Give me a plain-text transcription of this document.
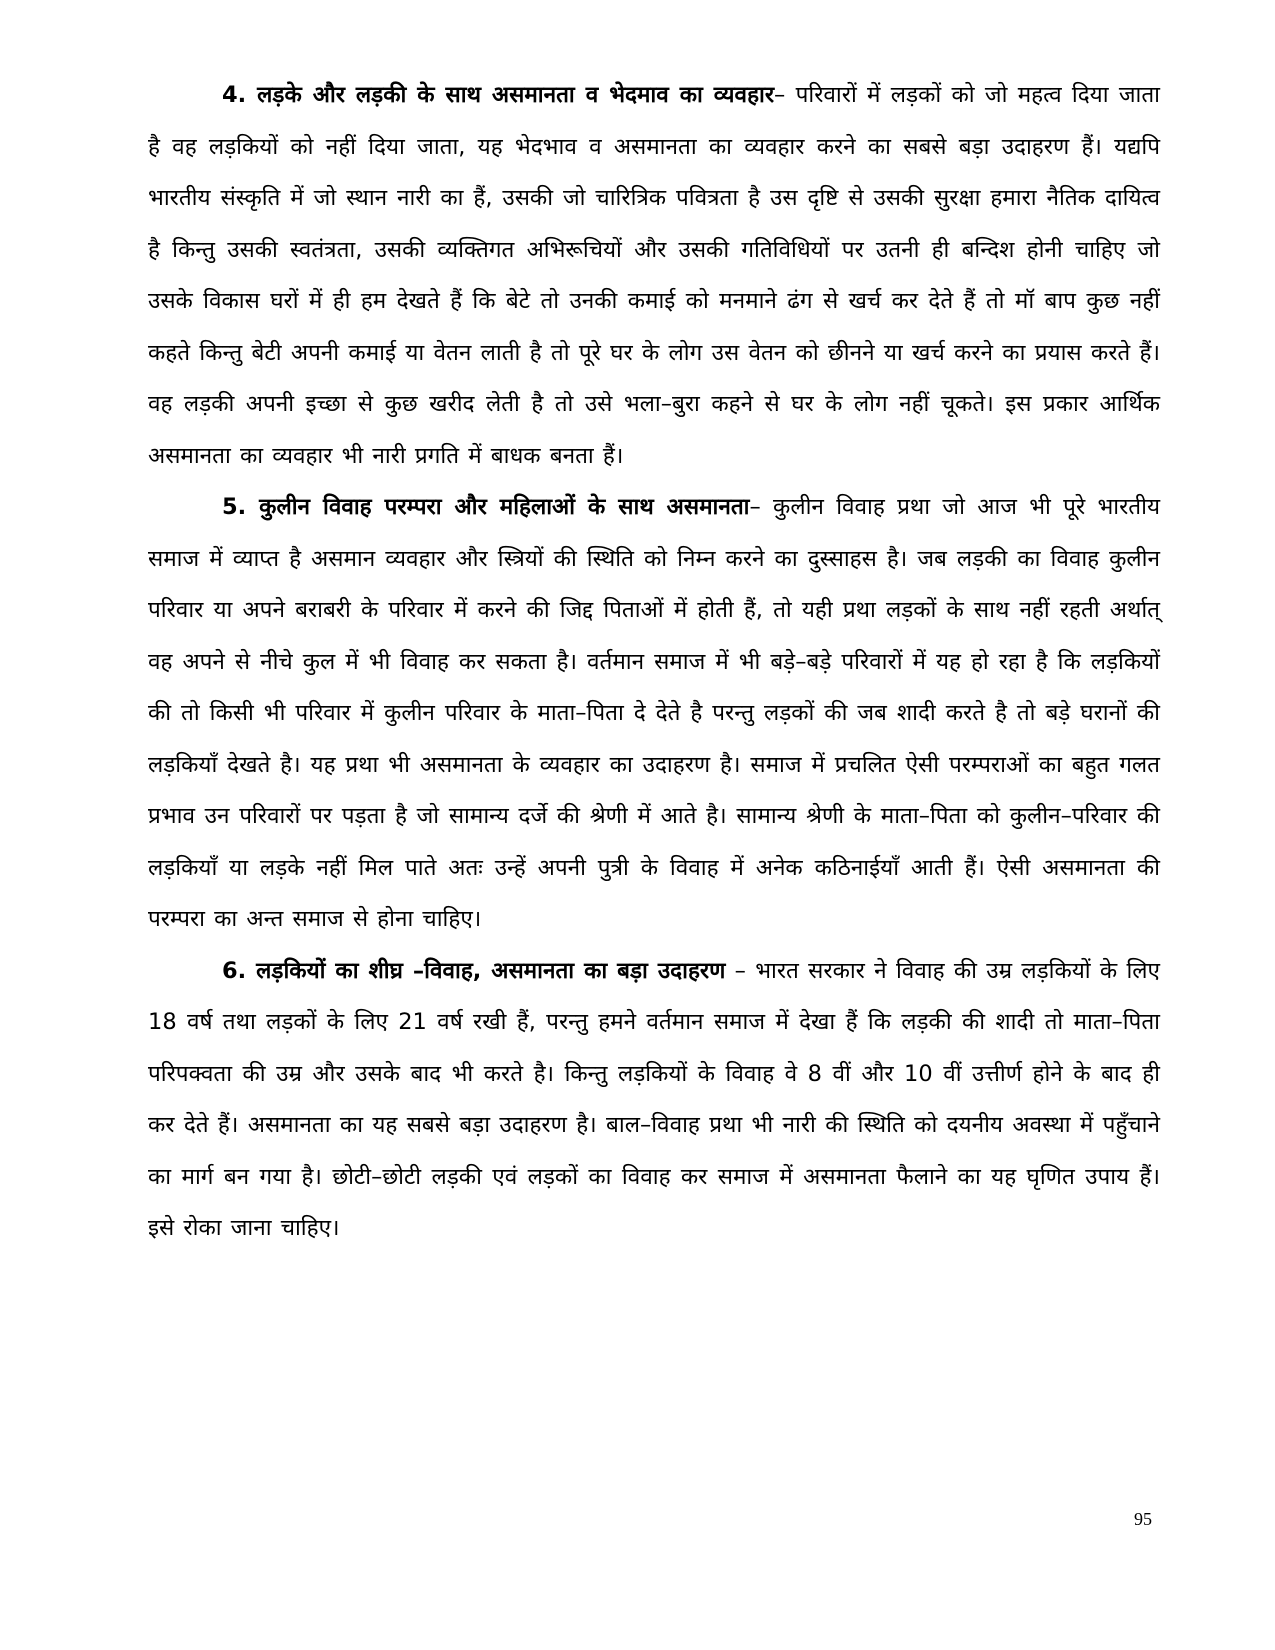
4. लड़के और लड़की के साथ असमानता व भेदमाव का व्यवहार– परिवारों में लड़कों को जो महत्व दिया जाता है वह लड़कियों को नहीं दिया जाता, यह भेदभाव व असमानता का व्यवहार करने का सबसे बड़ा उदाहरण हैं। यद्यपि भारतीय संस्कृति में जो स्थान नारी का हैं, उसकी जो चारित्रिक पवित्रता है उस दृष्टि से उसकी सुरक्षा हमारा नैतिक दायित्व है किन्तु उसकी स्वतंत्रता, उसकी व्यक्तिगत अभिरूचियों और उसकी गतिविधियों पर उतनी ही बन्दिश होनी चाहिए जो उसके विकास घरों में ही हम देखते हैं कि बेटे तो उनकी कमाई को मनमाने ढंग से खर्च कर देते हैं तो मॉ बाप कुछ नहीं कहते किन्तु बेटी अपनी कमाई या वेतन लाती है तो पूरे घर के लोग उस वेतन को छीनने या खर्च करने का प्रयास करते हैं। वह लड़की अपनी इच्छा से कुछ खरीद लेती है तो उसे भला–बुरा कहने से घर के लोग नहीं चूकते। इस प्रकार आर्थिक असमानता का व्यवहार भी नारी प्रगति में बाधक बनता हैं।

5. कुलीन विवाह परम्परा और महिलाओं के साथ असमानता– कुलीन विवाह प्रथा जो आज भी पूरे भारतीय समाज में व्याप्त है असमान व्यवहार और स्त्रियों की स्थिति को निम्न करने का दुस्साहस है। जब लड़की का विवाह कुलीन परिवार या अपने बराबरी के परिवार में करने की जिद्द पिताओं में होती हैं, तो यही प्रथा लड़कों के साथ नहीं रहती अर्थात् वह अपने से नीचे कुल में भी विवाह कर सकता है। वर्तमान समाज में भी बड़े–बड़े परिवारों में यह हो रहा है कि लड़कियों की तो किसी भी परिवार में कुलीन परिवार के माता–पिता दे देते है परन्तु लड़कों की जब शादी करते है तो बड़े घरानों की लड़कियाँ देखते है। यह प्रथा भी असमानता के व्यवहार का उदाहरण है। समाज में प्रचलित ऐसी परम्पराओं का बहुत गलत प्रभाव उन परिवारों पर पड़ता है जो सामान्य दर्जे की श्रेणी में आते है। सामान्य श्रेणी के माता–पिता को कुलीन–परिवार की लड़कियाँ या लड़के नहीं मिल पाते अतः उन्हें अपनी पुत्री के विवाह में अनेक कठिनाईयाँ आती हैं। ऐसी असमानता की परम्परा का अन्त समाज से होना चाहिए।

6. लड़कियों का शीघ्र –विवाह, असमानता का बड़ा उदाहरण – भारत सरकार ने विवाह की उम्र लड़कियों के लिए 18 वर्ष तथा लड़कों के लिए 21 वर्ष रखी हैं, परन्तु हमने वर्तमान समाज में देखा हैं कि लड़की की शादी तो माता–पिता परिपक्वता की उम्र और उसके बाद भी करते है। किन्तु लड़कियों के विवाह वे 8 वीं और 10 वीं उत्तीर्ण होने के बाद ही कर देते हैं। असमानता का यह सबसे बड़ा उदाहरण है। बाल–विवाह प्रथा भी नारी की स्थिति को दयनीय अवस्था में पहुँचाने का मार्ग बन गया है। छोटी–छोटी लड़की एवं लड़कों का विवाह कर समाज में असमानता फैलाने का यह घृणित उपाय हैं। इसे रोका जाना चाहिए।

95
